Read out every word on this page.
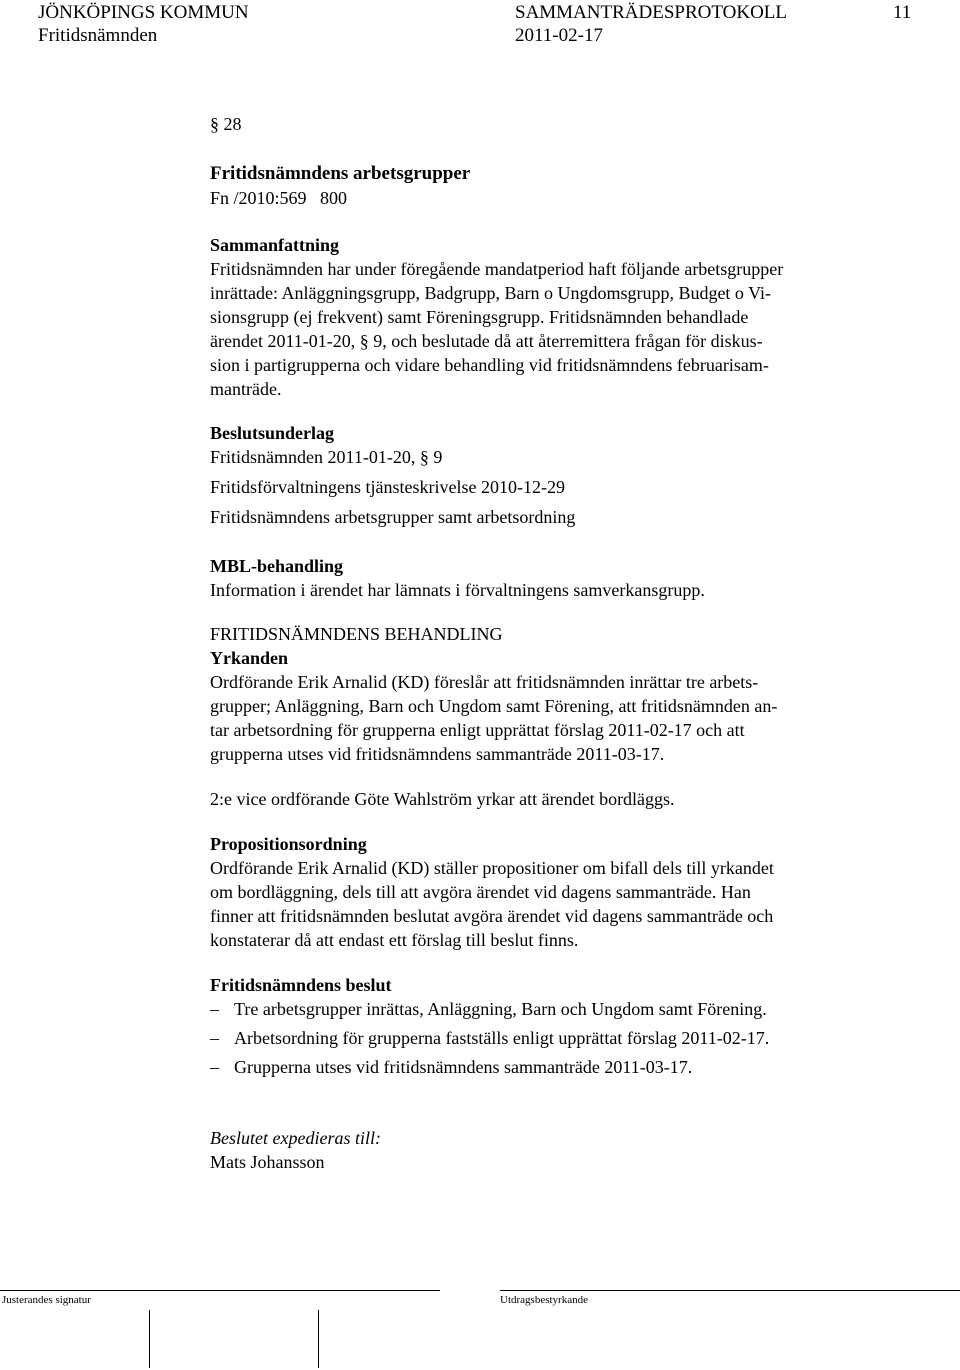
JÖNKÖPINGS KOMMUN	SAMMANTRÄDESPROTOKOLL	11
Fritidsnämnden	2011-02-17
§ 28
Fritidsnämndens arbetsgrupper
Fn /2010:569   800
Sammanfattning
Fritidsnämnden har under föregående mandatperiod haft följande arbetsgrupper
inrättade: Anläggningsgrupp, Badgrupp, Barn o Ungdomsgrupp, Budget o Vi-
sionsgrupp (ej frekvent) samt Föreningsgrupp. Fritidsnämnden behandlade
ärendet 2011-01-20, § 9, och beslutade då att återremittera frågan för diskus-
sion i partigrupperna och vidare behandling vid fritidsnämndens februarisam-
manträde.
Beslutsunderlag
Fritidsnämnden 2011-01-20, § 9
Fritidsförvaltningens tjänsteskrivelse 2010-12-29
Fritidsnämndens arbetsgrupper samt arbetsordning
MBL-behandling
Information i ärendet har lämnats i förvaltningens samverkansgrupp.
FRITIDSNÄMNDENS BEHANDLING
Yrkanden
Ordförande Erik Arnalid (KD) föreslår att fritidsnämnden inrättar tre arbets-
grupper; Anläggning, Barn och Ungdom samt Förening, att fritidsnämnden an-
tar arbetsordning för grupperna enligt upprättat förslag 2011-02-17 och att
grupperna utses vid fritidsnämndens sammanträde 2011-03-17.
2:e vice ordförande Göte Wahlström yrkar att ärendet bordläggs.
Propositionsordning
Ordförande Erik Arnalid (KD) ställer propositioner om bifall dels till yrkandet
om bordläggning, dels till att avgöra ärendet vid dagens sammanträde. Han
finner att fritidsnämnden beslutat avgöra ärendet vid dagens sammanträde och
konstaterar då att endast ett förslag till beslut finns.
Fritidsnämndens beslut
– Tre arbetsgrupper inrättas, Anläggning, Barn och Ungdom samt Förening.
– Arbetsordning för grupperna fastställs enligt upprättat förslag 2011-02-17.
– Grupperna utses vid fritidsnämndens sammanträde 2011-03-17.
Beslutet expedieras till:
Mats Johansson
Justerandes signatur	Utdragsbestyrkande
